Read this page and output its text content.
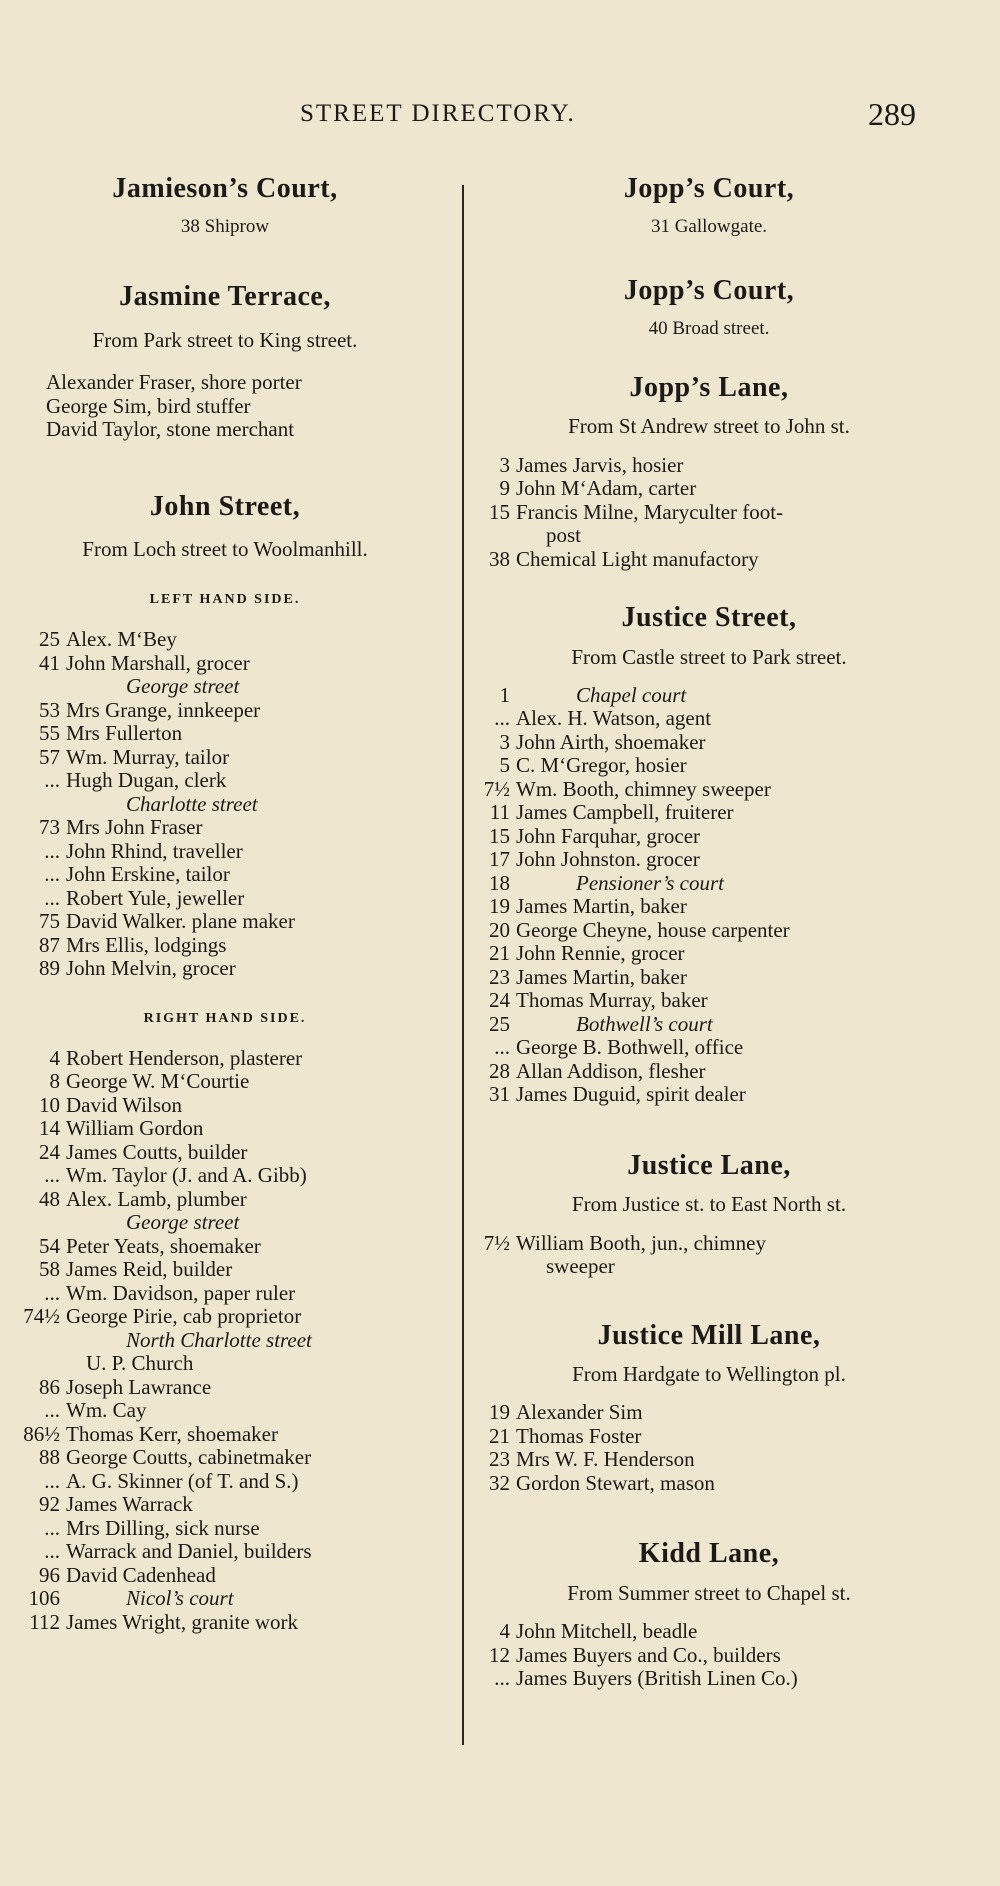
STREET DIRECTORY.	289
Jamieson’s Court,
38 Shiprow
Jasmine Terrace,
From Park street to King street.
Alexander Fraser, shore porter
George Sim, bird stuffer
David Taylor, stone merchant
John Street,
From Loch street to Woolmanhill.
LEFT HAND SIDE.
25 Alex. M‘Bey
41 John Marshall, grocer
George street
53 Mrs Grange, innkeeper
55 Mrs Fullerton
57 Wm. Murray, tailor
... Hugh Dugan, clerk
Charlotte street
73 Mrs John Fraser
... John Rhind, traveller
... John Erskine, tailor
... Robert Yule, jeweller
75 David Walker. plane maker
87 Mrs Ellis, lodgings
89 John Melvin, grocer
RIGHT HAND SIDE.
4 Robert Henderson, plasterer
8 George W. M‘Courtie
10 David Wilson
14 William Gordon
24 James Coutts, builder
... Wm. Taylor (J. and A. Gibb)
48 Alex. Lamb, plumber
George street
54 Peter Yeats, shoemaker
58 James Reid, builder
... Wm. Davidson, paper ruler
74½ George Pirie, cab proprietor
North Charlotte street
U. P. Church
86 Joseph Lawrance
... Wm. Cay
86½ Thomas Kerr, shoemaker
88 George Coutts, cabinetmaker
... A. G. Skinner (of T. and S.)
92 James Warrack
... Mrs Dilling, sick nurse
... Warrack and Daniel, builders
96 David Cadenhead
106	Nicol’s court
112 James Wright, granite work
Jopp’s Court,
31 Gallowgate.
Jopp’s Court,
40 Broad street.
Jopp’s Lane,
From St Andrew street to John st.
3 James Jarvis, hosier
9 John M‘Adam, carter
15 Francis Milne, Maryculter foot-
post
38 Chemical Light manufactory
Justice Street,
From Castle street to Park street.
1	Chapel court
... Alex. H. Watson, agent
3 John Airth, shoemaker
5 C. M‘Gregor, hosier
7½ Wm. Booth, chimney sweeper
11 James Campbell, fruiterer
15 John Farquhar, grocer
17 John Johnston. grocer
18	Pensioner’s court
19 James Martin, baker
20 George Cheyne, house carpenter
21 John Rennie, grocer
23 James Martin, baker
24 Thomas Murray, baker
25	Bothwell’s court
... George B. Bothwell, office
28 Allan Addison, flesher
31 James Duguid, spirit dealer
Justice Lane,
From Justice st. to East North st.
7½ William Booth, jun., chimney
sweeper
Justice Mill Lane,
From Hardgate to Wellington pl.
19 Alexander Sim
21 Thomas Foster
23 Mrs W. F. Henderson
32 Gordon Stewart, mason
Kidd Lane,
From Summer street to Chapel st.
4 John Mitchell, beadle
12 James Buyers and Co., builders
... James Buyers (British Linen Co.)
